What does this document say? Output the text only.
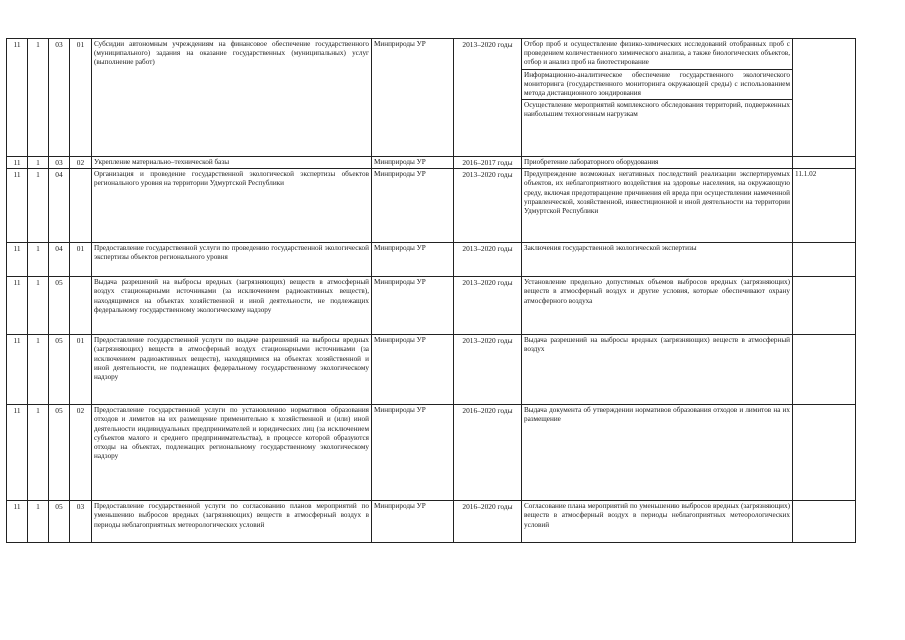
11	1	03	01	Субсидии автономным учреждениям на финансовое обеспечение государственного (муниципального) задания на оказание государственных (муниципальных) услуг (выполнение работ)	Минприроды УР	2013–2020 годы	Отбор проб и осуществление физико-химических исследований отобранных проб с проведением количественного химического анализа, а также биологических объектов, отбор и анализ проб на биотестирование
Информационно-аналитическое обеспечение государственного экологического мониторинга (государственного мониторинга окружающей среды) с использованием метода дистанционного зондирования
Осуществление мероприятий комплексного обследования территорий, подверженных наибольшим техногенным нагрузкам	

11	1	03	02	Укрепление материально–технической базы	Минприроды УР	2016–2017 годы	Приобретение лабораторного оборудования	

11	1	04		Организация и проведение государственной экологической экспертизы объектов регионального уровня на территории Удмуртской Республики	Минприроды УР	2013–2020 годы	Предупреждение возможных негативных последствий реализации экспертируемых объектов, их неблагоприятного воздействия на здоровье населения, на окружающую среду, включая предотвращение причинения ей вреда при осуществлении намеченной управленческой, хозяйственной, инвестиционной и иной деятельности на территории Удмуртской Республики	11.1.02
11	1	04	01	Предоставление государственной услуги по проведению государственной экологической экспертизы объектов регионального уровня	Минприроды УР	2013–2020 годы	Заключения государственной экологической экспертизы	

11	1	05		Выдача разрешений на выбросы вредных (загрязняющих) веществ в атмосферный воздух стационарными источниками (за исключением радиоактивных веществ), находящимися на объектах хозяйственной и иной деятельности, не подлежащих федеральному государственному экологическому надзору	Минприроды УР	2013–2020 годы	Установление предельно допустимых объемов выбросов вредных (загрязняющих) веществ в атмосферный воздух и другие условия, которые обеспечивают охрану атмосферного воздуха	

11	1	05	01	Предоставление государственной услуги по выдаче разрешений на выбросы вредных (загрязняющих) веществ в атмосферный воздух стационарными источниками (за исключением радиоактивных веществ), находящимися на объектах хозяйственной и иной деятельности, не подлежащих федеральному государственному экологическому надзору	Минприроды УР	2013–2020 годы	Выдача разрешений на выбросы вредных (загрязняющих) веществ в атмосферный воздух	

11	1	05	02	Предоставление государственной услуги по установлению нормативов образования отходов и лимитов на их размещение применительно к хозяйственной и (или) иной деятельности индивидуальных предпринимателей и юридических лиц (за исключением субъектов малого и среднего предпринимательства), в процессе которой образуются отходы на объектах, подлежащих региональному государственному экологическому надзору	Минприроды УР	2016–2020 годы	Выдача документа об утверждении нормативов образования отходов и лимитов на их размещение	

11	1	05	03	Предоставление государственной услуги по согласованию планов мероприятий по уменьшению выбросов вредных (загрязняющих) веществ в атмосферный воздух в периоды неблагоприятных метеорологических условий	Минприроды УР	2016–2020 годы	Согласование плана мероприятий по уменьшению выбросов вредных (загрязняющих) веществ в атмосферный воздух в периоды неблагоприятных метеорологических условий	
